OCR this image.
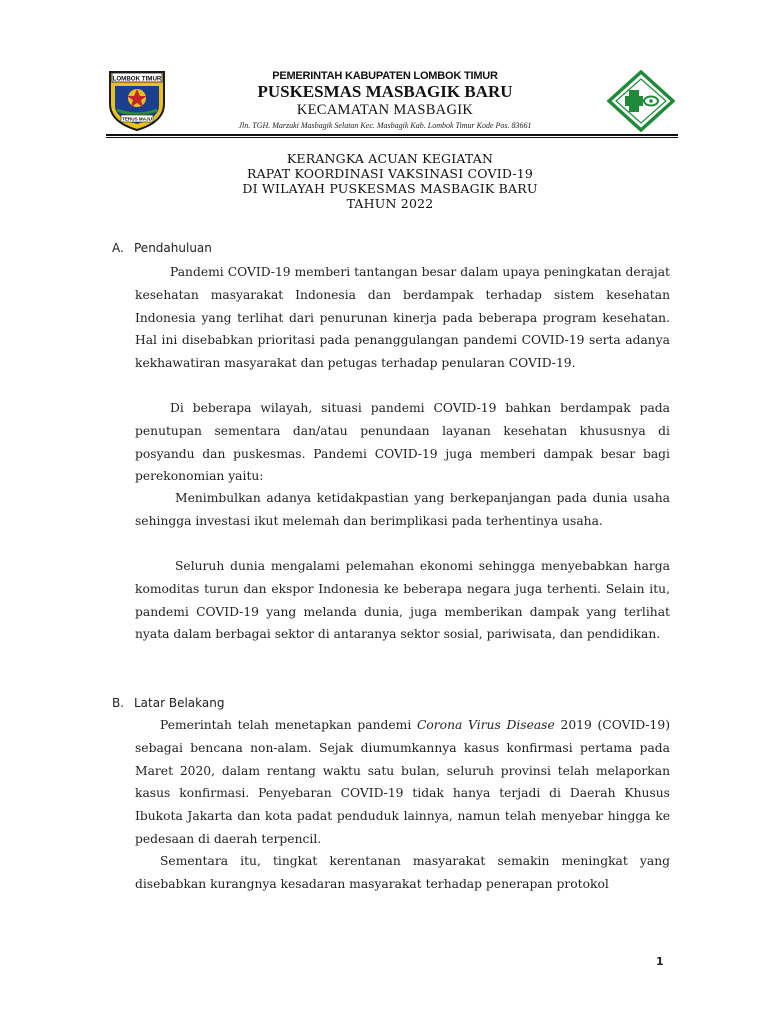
LOMBOK TIMUR
TERUS MAJU
PEMERINTAH KABUPATEN LOMBOK TIMUR
PUSKESMAS MASBAGIK BARU
KECAMATAN MASBAGIK
Jln. TGH. Marzuki Masbagik Selatan Kec. Masbagik Kab. Lombok Timur Kode Pos. 83661
KERANGKA ACUAN KEGIATAN
RAPAT KOORDINASI VAKSINASI COVID-19
DI WILAYAH PUSKESMAS MASBAGIK BARU
TAHUN 2022
A. Pendahuluan
Pandemi COVID-19 memberi tantangan besar dalam upaya peningkatan derajat kesehatan masyarakat Indonesia dan berdampak terhadap sistem kesehatan Indonesia yang terlihat dari penurunan kinerja pada beberapa program kesehatan. Hal ini disebabkan prioritasi pada penanggulangan pandemi COVID-19 serta adanya kekhawatiran masyarakat dan petugas terhadap penularan COVID-19.
Di beberapa wilayah, situasi pandemi COVID-19 bahkan berdampak pada penutupan sementara dan/atau penundaan layanan kesehatan khususnya di posyandu dan puskesmas. Pandemi COVID-19 juga memberi dampak besar bagi perekonomian yaitu:
Menimbulkan adanya ketidakpastian yang berkepanjangan pada dunia usaha sehingga investasi ikut melemah dan berimplikasi pada terhentinya usaha.
Seluruh dunia mengalami pelemahan ekonomi sehingga menyebabkan harga komoditas turun dan ekspor Indonesia ke beberapa negara juga terhenti. Selain itu, pandemi COVID-19 yang melanda dunia, juga memberikan dampak yang terlihat nyata dalam berbagai sektor di antaranya sektor sosial, pariwisata, dan pendidikan.
B. Latar Belakang
Pemerintah telah menetapkan pandemi Corona Virus Disease 2019 (COVID-19) sebagai bencana non-alam. Sejak diumumkannya kasus konfirmasi pertama pada Maret 2020, dalam rentang waktu satu bulan, seluruh provinsi telah melaporkan kasus konfirmasi. Penyebaran COVID-19 tidak hanya terjadi di Daerah Khusus Ibukota Jakarta dan kota padat penduduk lainnya, namun telah menyebar hingga ke pedesaan di daerah terpencil.
Sementara itu, tingkat kerentanan masyarakat semakin meningkat yang disebabkan kurangnya kesadaran masyarakat terhadap penerapan protokol
1
